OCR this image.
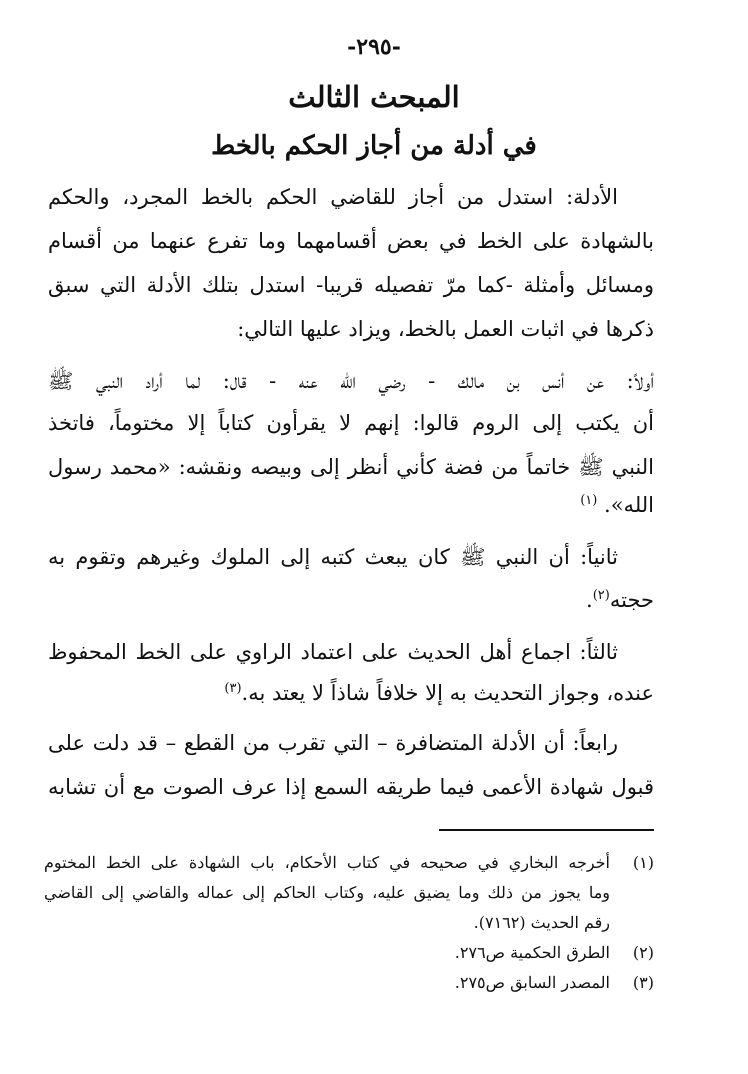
-٢٩٥-
المبحث الثالث
في أدلة من أجاز الحكم بالخط
الأدلة: استدل من أجاز للقاضي الحكم بالخط المجرد، والحكم
بالشهادة على الخط في بعض أقسامهما وما تفرع عنهما من أقسام
ومسائل وأمثلة -كما مرّ تفصيله قريبا- استدل بتلك الأدلة التي سبق
ذكرها في اثبات العمل بالخط، ويزاد عليها التالي:
أولاً: عن أنس بن مالك - رضي الله عنه - قال: لما أراد النبي ﷺ
أن يكتب إلى الروم قالوا: إنهم لا يقرأون كتاباً إلا مختوماً، فاتخذ
النبي ﷺ خاتماً من فضة كأني أنظر إلى وبيصه ونقشه: «محمد رسول
الله». $^{(١)}$
ثانياً: أن النبي ﷺ كان يبعث كتبه إلى الملوك وغيرهم وتقوم به
حجته$^{(٢)}$.
ثالثاً: اجماع أهل الحديث على اعتماد الراوي على الخط المحفوظ
عنده، وجواز التحديث به إلا خلافاً شاذاً لا يعتد به.$^{(٣)}$
رابعاً: أن الأدلة المتضافرة – التي تقرب من القطع – قد دلت على
قبول شهادة الأعمى فيما طريقه السمع إذا عرف الصوت مع أن تشابه
(١)
أخرجه البخاري في صحيحه في كتاب الأحكام، باب الشهادة على الخط المختوم
وما يجوز من ذلك وما يضيق عليه، وكتاب الحاكم إلى عماله والقاضي إلى القاضي
رقم الحديث (٧١٦٢).
(٢)
الطرق الحكمية ص٢٧٦.
(٣)
المصدر السابق ص٢٧٥.
